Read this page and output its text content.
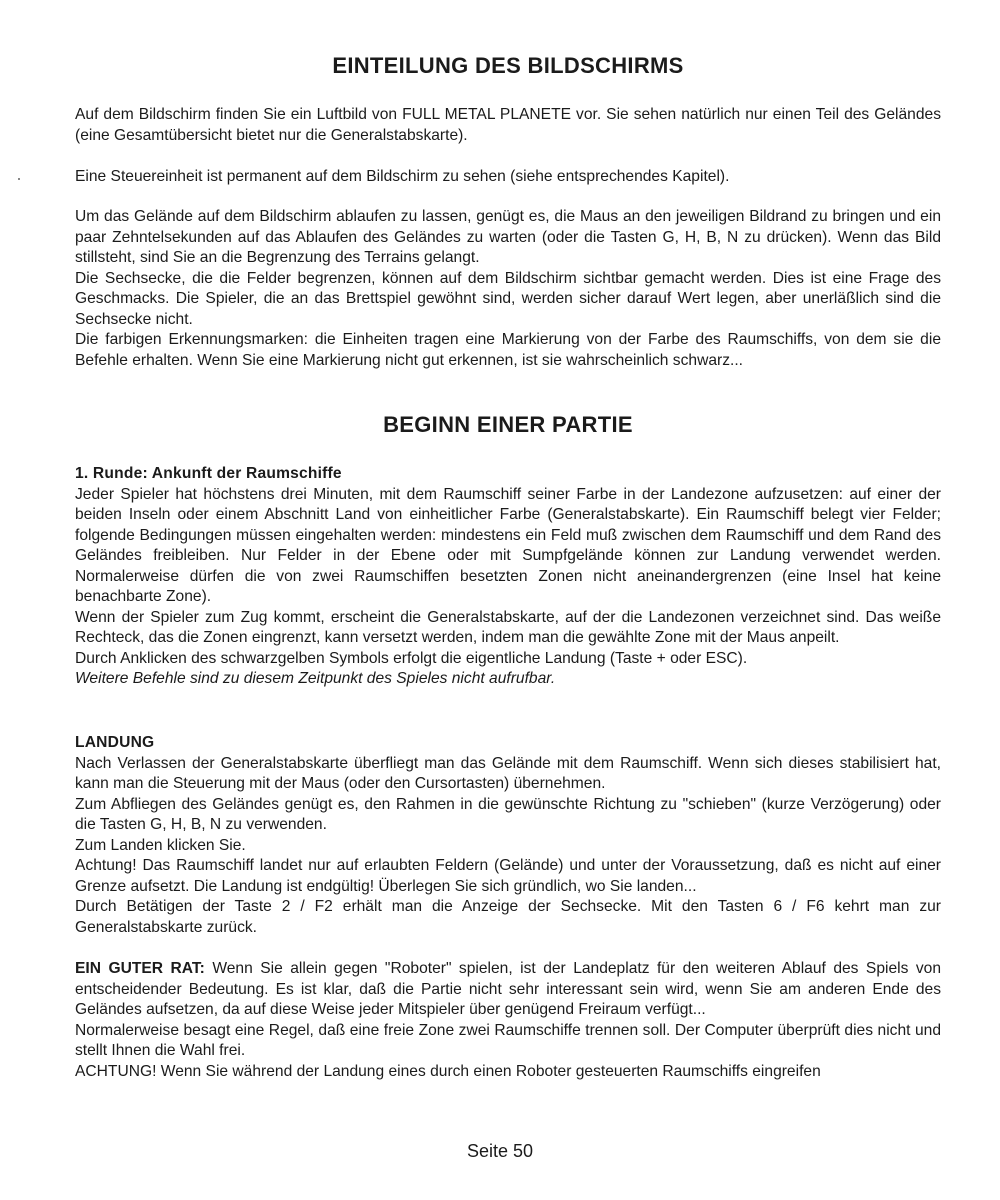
EINTEILUNG DES BILDSCHIRMS

Auf dem Bildschirm finden Sie ein Luftbild von FULL METAL PLANETE vor. Sie sehen natürlich nur einen Teil des Geländes (eine Gesamtübersicht bietet nur die Generalstabskarte).

Eine Steuereinheit ist permanent auf dem Bildschirm zu sehen (siehe entsprechendes Kapitel).

Um das Gelände auf dem Bildschirm ablaufen zu lassen, genügt es, die Maus an den jeweiligen Bildrand zu bringen und ein paar Zehntelsekunden auf das Ablaufen des Geländes zu warten (oder die Tasten G, H, B, N zu drücken). Wenn das Bild stillsteht, sind Sie an die Begrenzung des Terrains gelangt.

Die Sechsecke, die die Felder begrenzen, können auf dem Bildschirm sichtbar gemacht werden. Dies ist eine Frage des Geschmacks. Die Spieler, die an das Brettspiel gewöhnt sind, werden sicher darauf Wert legen, aber unerläßlich sind die Sechsecke nicht.

Die farbigen Erkennungsmarken: die Einheiten tragen eine Markierung von der Farbe des Raumschiffs, von dem sie die Befehle erhalten. Wenn Sie eine Markierung nicht gut erkennen, ist sie wahrscheinlich schwarz...

BEGINN EINER PARTIE

1. Runde: Ankunft der Raumschiffe

Jeder Spieler hat höchstens drei Minuten, mit dem Raumschiff seiner Farbe in der Landezone aufzusetzen: auf einer der beiden Inseln oder einem Abschnitt Land von einheitlicher Farbe (Generalstabskarte). Ein Raumschiff belegt vier Felder; folgende Bedingungen müssen eingehalten werden: mindestens ein Feld muß zwischen dem Raumschiff und dem Rand des Geländes freibleiben. Nur Felder in der Ebene oder mit Sumpfgelände können zur Landung verwendet werden. Normalerweise dürfen die von zwei Raumschiffen besetzten Zonen nicht aneinandergrenzen (eine Insel hat keine benachbarte Zone).

Wenn der Spieler zum Zug kommt, erscheint die Generalstabskarte, auf der die Landezonen verzeichnet sind. Das weiße Rechteck, das die Zonen eingrenzt, kann versetzt werden, indem man die gewählte Zone mit der Maus anpeilt.

Durch Anklicken des schwarzgelben Symbols erfolgt die eigentliche Landung (Taste + oder ESC).

Weitere Befehle sind zu diesem Zeitpunkt des Spieles nicht aufrufbar.

LANDUNG

Nach Verlassen der Generalstabskarte überfliegt man das Gelände mit dem Raumschiff. Wenn sich dieses stabilisiert hat, kann man die Steuerung mit der Maus (oder den Cursortasten) übernehmen.

Zum Abfliegen des Geländes genügt es, den Rahmen in die gewünschte Richtung zu "schieben" (kurze Verzögerung) oder die Tasten G, H, B, N zu verwenden.

Zum Landen klicken Sie.

Achtung! Das Raumschiff landet nur auf erlaubten Feldern (Gelände) und unter der Voraussetzung, daß es nicht auf einer Grenze aufsetzt. Die Landung ist endgültig! Überlegen Sie sich gründlich, wo Sie landen...

Durch Betätigen der Taste 2 / F2 erhält man die Anzeige der Sechsecke. Mit den Tasten 6 / F6 kehrt man zur Generalstabskarte zurück.

EIN GUTER RAT: Wenn Sie allein gegen "Roboter" spielen, ist der Landeplatz für den weiteren Ablauf des Spiels von entscheidender Bedeutung. Es ist klar, daß die Partie nicht sehr interessant sein wird, wenn Sie am anderen Ende des Geländes aufsetzen, da auf diese Weise jeder Mitspieler über genügend Freiraum verfügt...

Normalerweise besagt eine Regel, daß eine freie Zone zwei Raumschiffe trennen soll. Der Computer überprüft dies nicht und stellt Ihnen die Wahl frei.

ACHTUNG! Wenn Sie während der Landung eines durch einen Roboter gesteuerten Raumschiffs eingreifen

Seite 50
